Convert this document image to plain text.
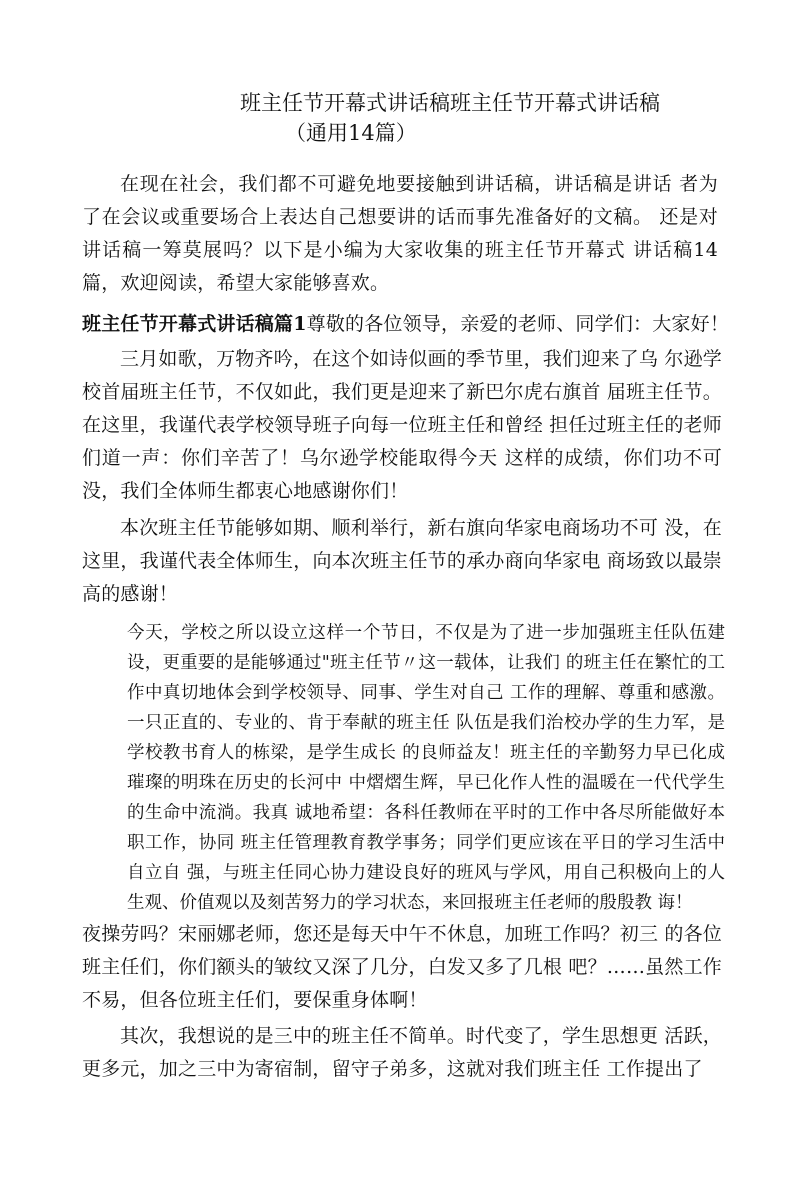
班主任节开幕式讲话稿班主任节开幕式讲话稿
（通用14篇）
在现在社会，我们都不可避免地要接触到讲话稿，讲话稿是讲话 者为了在会议或重要场合上表达自己想要讲的话而事先准备好的文稿。 还是对讲话稿一筹莫展吗？以下是小编为大家收集的班主任节开幕式 讲话稿14篇，欢迎阅读，希望大家能够喜欢。
班主任节开幕式讲话稿篇1尊敬的各位领导，亲爱的老师、同学们：大家好！
三月如歌，万物齐吟，在这个如诗似画的季节里，我们迎来了乌 尔逊学校首届班主任节，不仅如此，我们更是迎来了新巴尔虎右旗首 届班主任节。在这里，我谨代表学校领导班子向每一位班主任和曾经 担任过班主任的老师们道一声：你们辛苦了！乌尔逊学校能取得今天 这样的成绩，你们功不可没，我们全体师生都衷心地感谢你们！
本次班主任节能够如期、顺利举行，新右旗向华家电商场功不可 没，在这里，我谨代表全体师生，向本次班主任节的承办商向华家电 商场致以最崇高的感谢！
今天，学校之所以设立这样一个节日，不仅是为了进一步加强班主任队伍建设，更重要的是能够通过"班主任节〃这一载体，让我们 的班主任在繁忙的工作中真切地体会到学校领导、同事、学生对自己 工作的理解、尊重和感激。一只正直的、专业的、肯于奉献的班主任 队伍是我们治校办学的生力军，是学校教书育人的栋梁，是学生成长 的良师益友！班主任的辛勤努力早已化成璀璨的明珠在历史的长河中 中熠熠生辉，早已化作人性的温暖在一代代学生的生命中流淌。我真 诚地希望：各科任教师在平时的工作中各尽所能做好本职工作，协同 班主任管理教育教学事务；同学们更应该在平日的学习生活中自立自 强，与班主任同心协力建设良好的班风与学风，用自己积极向上的人 生观、价值观以及刻苦努力的学习状态，来回报班主任老师的殷殷教 诲！
夜操劳吗？宋丽娜老师，您还是每天中午不休息，加班工作吗？初三 的各位班主任们，你们额头的皱纹又深了几分，白发又多了几根 吧？……虽然工作不易，但各位班主任们，要保重身体啊！
其次，我想说的是三中的班主任不简单。时代变了，学生思想更 活跃，更多元，加之三中为寄宿制，留守子弟多，这就对我们班主任 工作提出了
